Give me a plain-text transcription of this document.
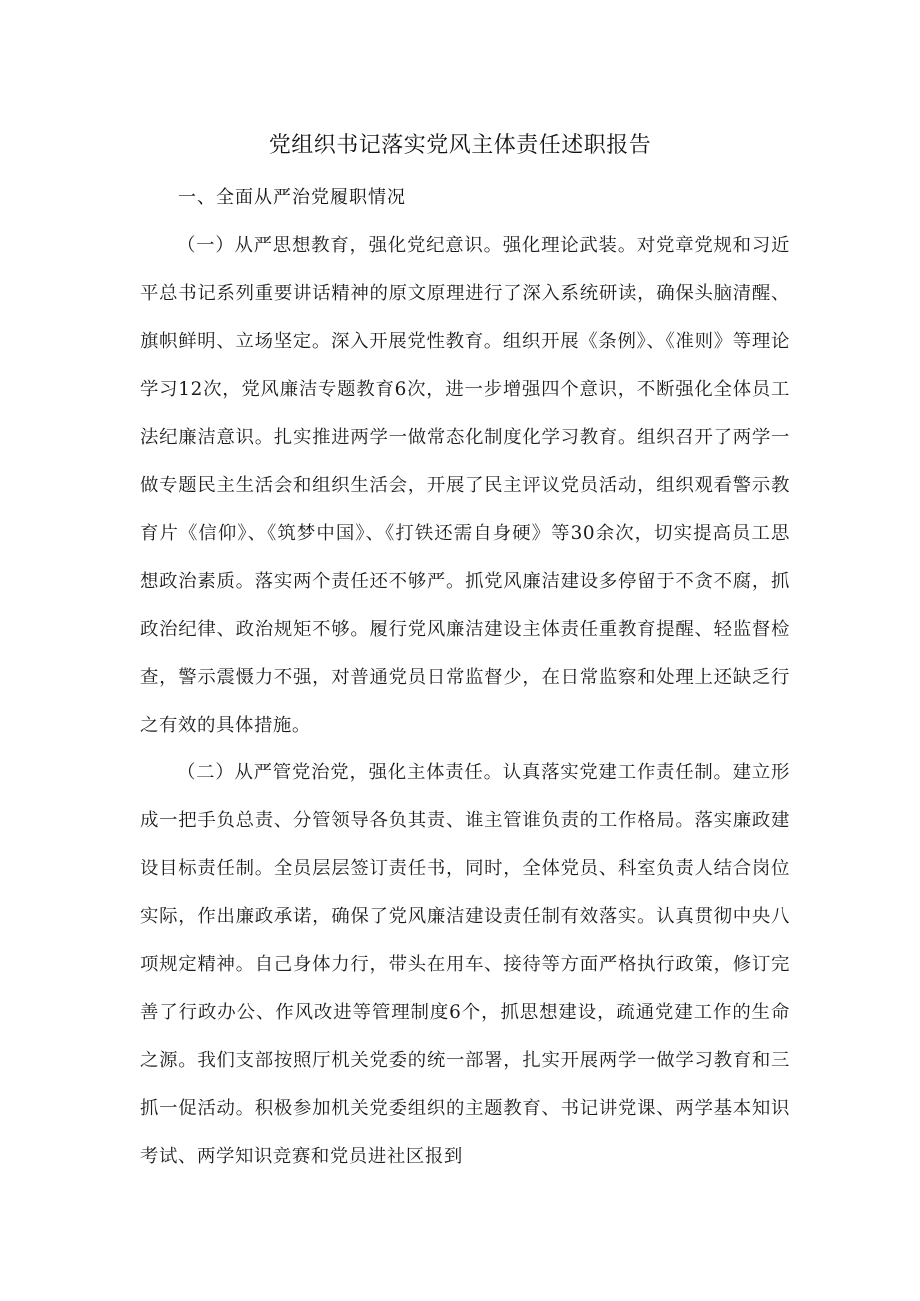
党组织书记落实党风主体责任述职报告
一、全面从严治党履职情况
（一）从严思想教育，强化党纪意识。强化理论武装。对党章党规和习近平总书记系列重要讲话精神的原文原理进行了深入系统研读，确保头脑清醒、旗帜鲜明、立场坚定。深入开展党性教育。组织开展《条例》、《准则》等理论学习12次，党风廉洁专题教育6次，进一步增强四个意识，不断强化全体员工法纪廉洁意识。扎实推进两学一做常态化制度化学习教育。组织召开了两学一做专题民主生活会和组织生活会，开展了民主评议党员活动，组织观看警示教育片《信仰》、《筑梦中国》、《打铁还需自身硬》等30余次，切实提高员工思想政治素质。落实两个责任还不够严。抓党风廉洁建设多停留于不贪不腐，抓政治纪律、政治规矩不够。履行党风廉洁建设主体责任重教育提醒、轻监督检查，警示震慑力不强，对普通党员日常监督少，在日常监察和处理上还缺乏行之有效的具体措施。
（二）从严管党治党，强化主体责任。认真落实党建工作责任制。建立形成一把手负总责、分管领导各负其责、谁主管谁负责的工作格局。落实廉政建设目标责任制。全员层层签订责任书，同时，全体党员、科室负责人结合岗位实际，作出廉政承诺，确保了党风廉洁建设责任制有效落实。认真贯彻中央八项规定精神。自己身体力行，带头在用车、接待等方面严格执行政策，修订完善了行政办公、作风改进等管理制度6个，抓思想建设，疏通党建工作的生命之源。我们支部按照厅机关党委的统一部署，扎实开展两学一做学习教育和三抓一促活动。积极参加机关党委组织的主题教育、书记讲党课、两学基本知识考试、两学知识竞赛和党员进社区报到
